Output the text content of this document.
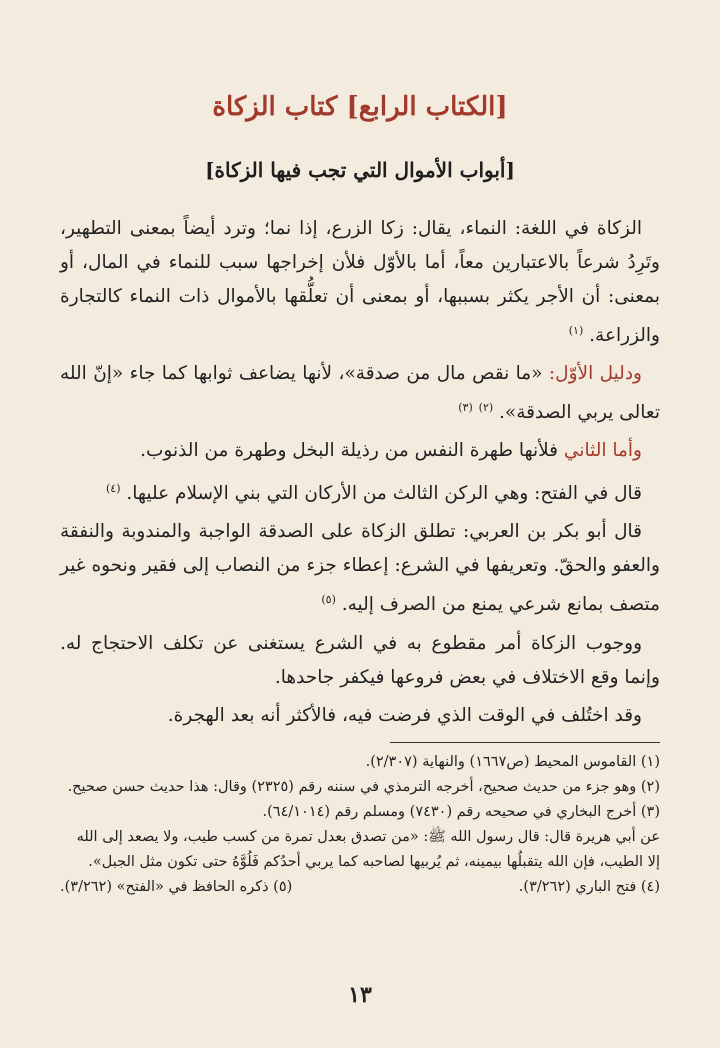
[الكتاب الرابع] كتاب الزكاة
[أبواب الأموال التي تجب فيها الزكاة]

الزكاة في اللغة: النماء، يقال: زكا الزرع، إذا نما؛ وترد أيضاً بمعنى التطهير، وتَرِدُ شرعاً بالاعتبارين معاً، أما بالأوّل فلأن إخراجها سبب للنماء في المال، أو بمعنى: أن الأجر يكثر بسببها، أو بمعنى أن تعلُّقها بالأموال ذات النماء كالتجارة والزراعة. $^{(١)}$

ودليل الأوّل: «ما نقص مال من صدقة»، لأنها يضاعف ثوابها كما جاء «إنّ الله تعالى يربي الصدقة». $^{(٢)}$ $^{(٣)}$

وأما الثاني فلأنها طهرة النفس من رذيلة البخل وطهرة من الذنوب.

قال في الفتح: وهي الركن الثالث من الأركان التي بني الإسلام عليها. $^{(٤)}$

قال أبو بكر بن العربي: تطلق الزكاة على الصدقة الواجبة والمندوبة والنفقة والعفو والحقّ. وتعريفها في الشرع: إعطاء جزء من النصاب إلى فقير ونحوه غير متصف بمانع شرعي يمنع من الصرف إليه. $^{(٥)}$

ووجوب الزكاة أمر مقطوع به في الشرع يستغنى عن تكلف الاحتجاج له. وإنما وقع الاختلاف في بعض فروعها فيكفر جاحدها.

وقد اختُلف في الوقت الذي فرضت فيه، فالأكثر أنه بعد الهجرة.

(١) القاموس المحيط (ص١٦٦٧) والنهاية (٢/٣٠٧).

(٢) وهو جزء من حديث صحيح، أخرجه الترمذي في سننه رقم (٢٣٢٥) وقال: هذا حديث حسن صحيح.

(٣) أخرج البخاري في صحيحه رقم (٧٤٣٠) ومسلم رقم (٦٤/١٠١٤).

عن أبي هريرة قال: قال رسول الله ﷺ: «من تصدق بعدل تمرة من كسب طيب، ولا يصعد إلى الله إلا الطيب، فإن الله يتقبلُها بيمينه، ثم يُربيها لصاحبه كما يربي أحدُكم فَلُوَّهُ حتى تكون مثل الجبل».

(٤) فتح الباري (٣/٢٦٢).
(٥) ذكره الحافظ في «الفتح» (٣/٢٦٢).
١٣
